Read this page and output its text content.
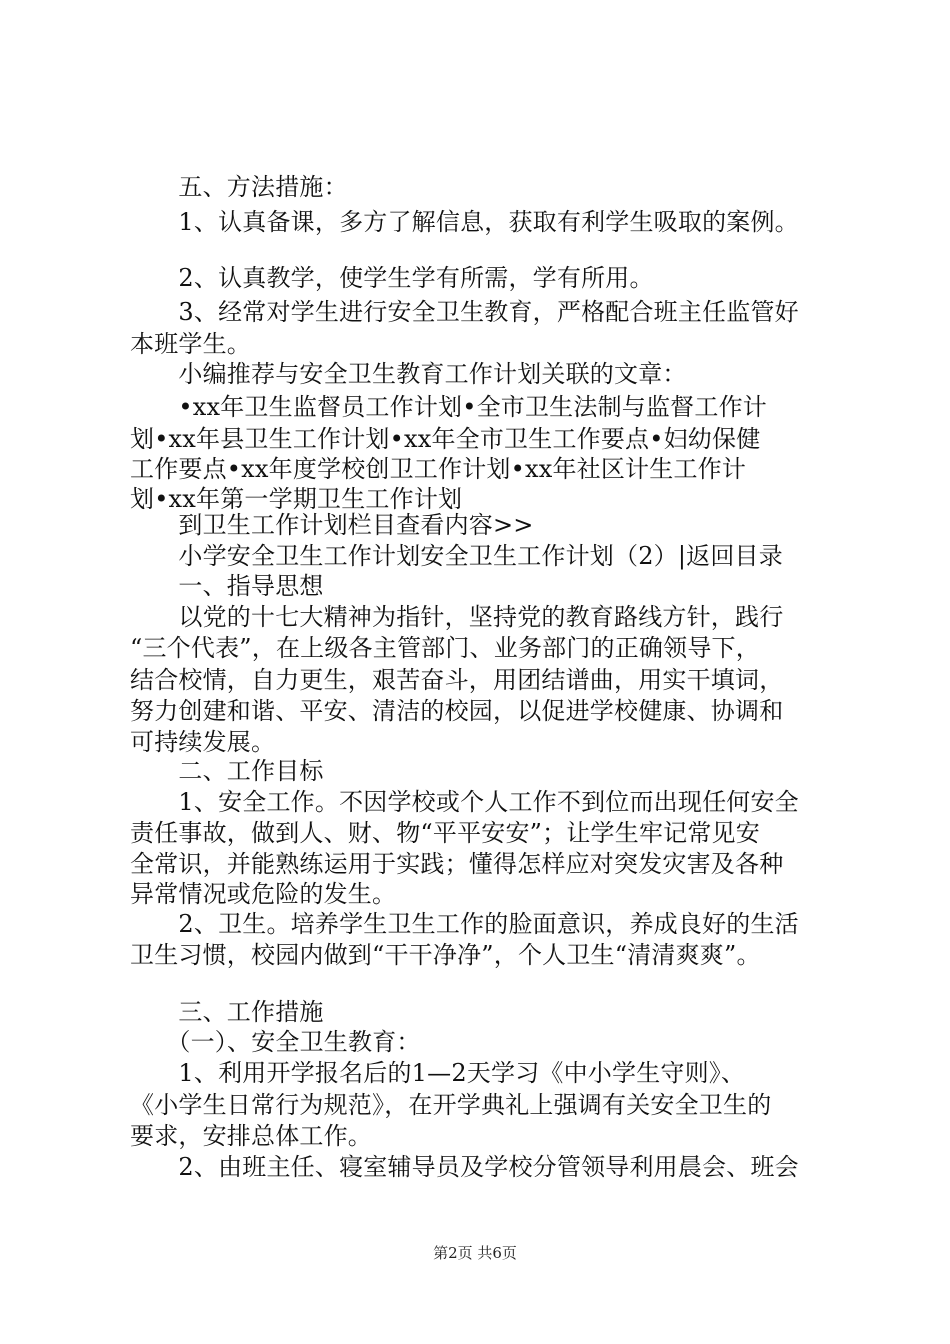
　　五、方法措施：
　　1、认真备课，多方了解信息，获取有利学生吸取的案例。
　　2、认真教学，使学生学有所需，学有所用。
　　3、经常对学生进行安全卫生教育，严格配合班主任监管好
本班学生。
　　小编推荐与安全卫生教育工作计划关联的文章：
　　•xx年卫生监督员工作计划•全市卫生法制与监督工作计
划•xx年县卫生工作计划•xx年全市卫生工作要点•妇幼保健
工作要点•xx年度学校创卫工作计划•xx年社区计生工作计
划•xx年第一学期卫生工作计划
　　到卫生工作计划栏目查看内容>>
　　小学安全卫生工作计划安全卫生工作计划（2）|返回目录
　　一、指导思想
　　以党的十七大精神为指针，坚持党的教育路线方针，践行
“三个代表”，在上级各主管部门、业务部门的正确领导下，
结合校情，自力更生，艰苦奋斗，用团结谱曲，用实干填词，
努力创建和谐、平安、清洁的校园，以促进学校健康、协调和
可持续发展。
　　二、工作目标
　　1、安全工作。不因学校或个人工作不到位而出现任何安全
责任事故，做到人、财、物“平平安安”；让学生牢记常见安
全常识，并能熟练运用于实践；懂得怎样应对突发灾害及各种
异常情况或危险的发生。
　　2、卫生。培养学生卫生工作的脸面意识，养成良好的生活
卫生习惯，校园内做到“干干净净”，个人卫生“清清爽爽”。
　　三、工作措施
　　（一）、安全卫生教育：
　　1、利用开学报名后的1—2天学习《中小学生守则》、
《小学生日常行为规范》，在开学典礼上强调有关安全卫生的
要求，安排总体工作。
　　2、由班主任、寝室辅导员及学校分管领导利用晨会、班会
第2页 共6页
